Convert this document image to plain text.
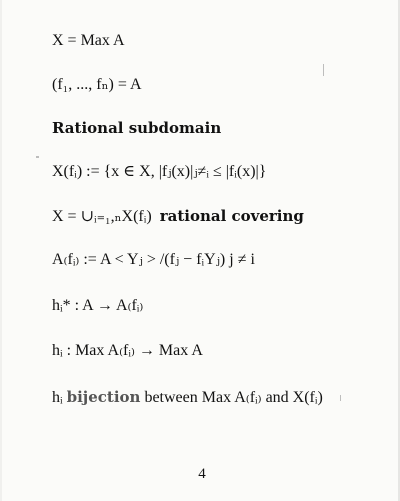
X = Max A
(f₁, ..., fₙ) = A
Rational subdomain
X(fᵢ) := {x ∈ X, |fⱼ(x)|ⱼ≠ᵢ ≤ |fᵢ(x)|}
X = ∪ᵢ₌₁,ₙX(fᵢ) rational covering
A₍fᵢ₎ := A < Yⱼ > /(fⱼ − fᵢYⱼ) j ≠ i
hᵢ* : A → A₍fᵢ₎
hᵢ : Max A₍fᵢ₎ → Max A
hᵢ bijection between Max A₍fᵢ₎ and X(fᵢ)
4
